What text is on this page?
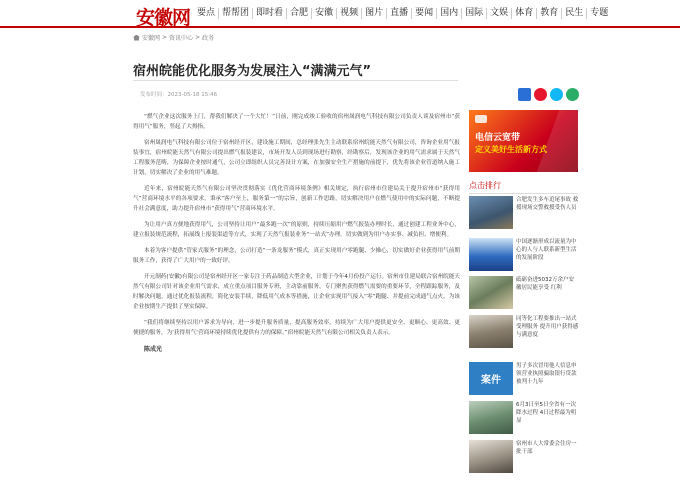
安徽网 要点 帮帮团 即时看 合肥 安徽 视频 图片 直播 要闻 国内 国际 文娱 体育 教育 民生 专题
安徽网 > 资讯中心 > 政务
宿州皖能优化服务为发展注入“满满元气”
发布时间：2023-05-18 15:46

“燃气企业这次服务上门，帮我们解决了一个大忙！”日前，刚完成竣工验收的宿州晟润电气科技有限公司负责人谈及宿州市“获得用气”服务，竖起了大拇指。

宿州晟润电气科技有限公司位于宿州经开区，建设施工期间，总经理张先生主动联系宿州皖能天然气有限公司，咨询企业用气报装事宜，宿州皖能天然气有限公司提出燃气报装建议，市场开发人员到现场进行勘察，经勘察后，发现该企业的用气需求属于天然气工程服务范畴，为保障企业按时通气，公司立即组织人员完善设计方案，在加强安全生产措施的前提下，优先将该企业管道纳入施工计划，切实解决了企业的用气难题。

近年来，宿州皖能天然气有限公司坚决贯彻落实《优化营商环境条例》相关规定，执行宿州市住建局关于提升宿州市“获得用气”营商环境水平的各项要求，秉承“客户至上，服务第一”的宗旨，创新工作思路，切实解决用户在燃气使用中的实际问题，不断提升社会满意度，助力提升宿州市“获得用气”营商环境水平。

为让用户真方便地获得用气，公司坚持让用户“最多跑一次”的原则，持续压缩用户燃气报装办理时长，通过创建工程业务中心，建立报装规范流程，拓展线上报装渠道等方式，实现了天然气报装业务“一站式”办理，切实做到为用户办实事、减负担、增便利。

本着为客户提供“管家式服务”的理念，公司打造“一条龙服务”模式，真正实现用户零跑腿、少操心，切实做好企业获得用气前期服务工作，获得了广大用户的一致好评。

开元制药(安徽)有限公司是宿州经开区一家专注于药品制造大型企业，计划于今年4月份投产运行。宿州市住建局联合宿州皖能天然气有限公司针对该企业用气需求，成立重点项目服务专班，主动靠前服务，专门聚焦获得燃气需要的重要环节，全程跟踪服务，及时解决问题，通过优化报装流程，简化安装手续，降低用气成本等措施，让企业实现用气接入“零”跑腿、并提前完成通气点火，为该企业按期生产提供了坚实保障。

“我们将继续坚持以用户诉求为导向，进一步提升服务质量，提高服务效率，持续为广大用户提供更安全、更顺心、更高效、更便捷的服务，为‘获得用气’营商环境持续优化提供有力的保障。”宿州皖能天然气有限公司相关负责人表示。

陈成光

电信云宽带
定义美好生活新方式
点击排行
合肥发生多车追尾事故 救援现场交警救援受伤人员
中国逐渐形成以流量为中心的人与人联系新型生活的发展阶段
砥砺奋进5032万余户安徽居民能享受 红利
同等化工程要推出一站式受理服务 提升用户获得感与满意度
案件
男子多次冒用他人信息申领营业执照骗取银行贷款被判十九年
6月3日至5日全省有一次降水过程 4日过程最为明显
宿州市人大常委会住房一批干部
